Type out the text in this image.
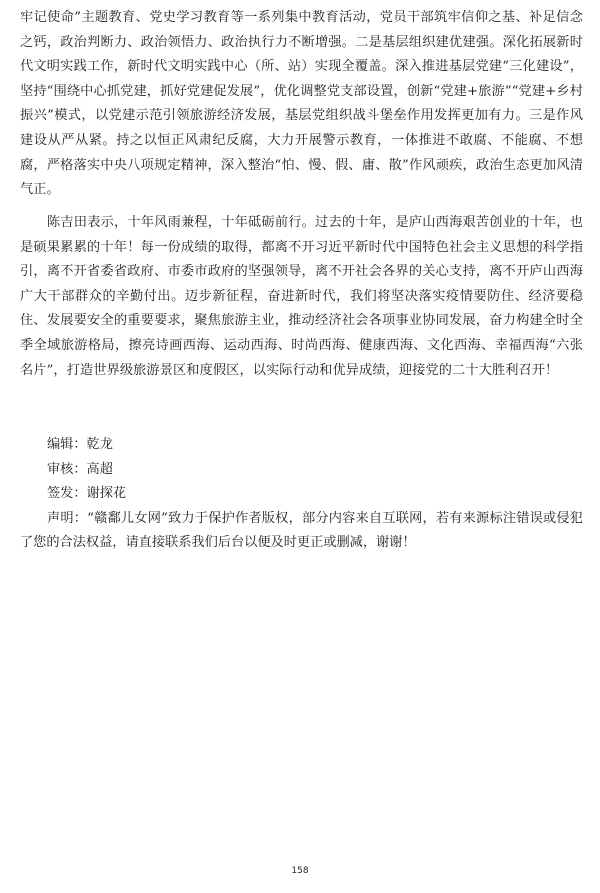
牢记使命”主题教育、党史学习教育等一系列集中教育活动，党员干部筑牢信仰之基、补足信念之钙，政治判断力、政治领悟力、政治执行力不断增强。二是基层组织建优建强。深化拓展新时代文明实践工作，新时代文明实践中心（所、站）实现全覆盖。深入推进基层党建“三化建设”，坚持“围绕中心抓党建，抓好党建促发展”，优化调整党支部设置，创新“党建+旅游”“党建+乡村振兴”模式，以党建示范引领旅游经济发展，基层党组织战斗堡垒作用发挥更加有力。三是作风建设从严从紧。持之以恒正风肃纪反腐，大力开展警示教育，一体推进不敢腐、不能腐、不想腐，严格落实中央八项规定精神，深入整治“怕、慢、假、庸、散”作风顽疾，政治生态更加风清气正。

陈吉田表示，十年风雨兼程，十年砥砺前行。过去的十年，是庐山西海艰苦创业的十年，也是硕果累累的十年！每一份成绩的取得，都离不开习近平新时代中国特色社会主义思想的科学指引，离不开省委省政府、市委市政府的坚强领导，离不开社会各界的关心支持，离不开庐山西海广大干部群众的辛勤付出。迈步新征程，奋进新时代，我们将坚决落实疫情要防住、经济要稳住、发展要安全的重要要求，聚焦旅游主业，推动经济社会各项事业协同发展，奋力构建全时全季全域旅游格局，擦亮诗画西海、运动西海、时尚西海、健康西海、文化西海、幸福西海“六张名片”，打造世界级旅游景区和度假区，以实际行动和优异成绩，迎接党的二十大胜利召开！

编辑：乾龙
审核：高超
签发：谢探花
声明：“赣鄱儿女网”致力于保护作者版权，部分内容来自互联网，若有来源标注错误或侵犯了您的合法权益，请直接联系我们后台以便及时更正或删减，谢谢！
158
